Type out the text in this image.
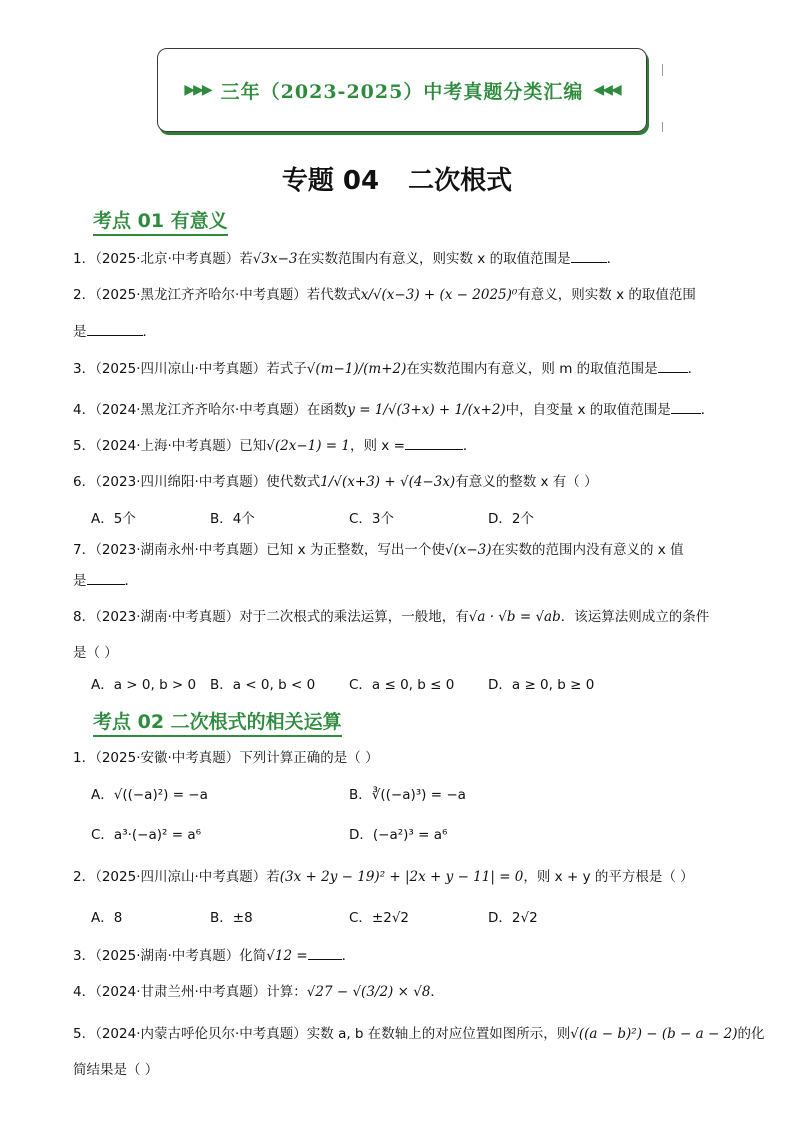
▶▶▶ 三年（2023-2025）中考真题分类汇编 ◀◀◀
专题 04 二次根式
考点 01 有意义
1．（2025·北京·中考真题）若√3x−3在实数范围内有意义，则实数 x 的取值范围是	．
2．（2025·黑龙江齐齐哈尔·中考真题）若代数式x/√(x−3) + (x − 2025)⁰有意义，则实数 x 的取值范围
是	．
3．（2025·四川凉山·中考真题）若式子√(m−1)/(m+2)在实数范围内有意义，则 m 的取值范围是 ．
4．（2024·黑龙江齐齐哈尔·中考真题）在函数y = 1/√(3+x) + 1/(x+2)中，自变量 x 的取值范围是 ．
5．（2024·上海·中考真题）已知√(2x−1) = 1，则 x =	．
6．（2023·四川绵阳·中考真题）使代数式1/√(x+3) + √(4−3x)有意义的整数 x 有（ ）
A．5个	B．4个	C．3个	D．2个
7．（2023·湖南永州·中考真题）已知 x 为正整数，写出一个使√(x−3)在实数的范围内没有意义的 x 值
是	．
8．（2023·湖南·中考真题）对于二次根式的乘法运算，一般地，有√a · √b = √ab．该运算法则成立的条件
是（ ）
A．a > 0, b > 0 B．a < 0, b < 0	C．a ≤ 0, b ≤ 0 D．a ≥ 0, b ≥ 0
考点 02 二次根式的相关运算
1．（2025·安徽·中考真题）下列计算正确的是（ ）
A．√((−a)²) = −a	B．∛((−a)³) = −a
C．a³·(−a)² = a⁶	D．(−a²)³ = a⁶
2．（2025·四川凉山·中考真题）若(3x + 2y − 19)² + |2x + y − 11| = 0，则 x + y 的平方根是（ ）
A．8	B．±8	C．±2√2	D．2√2
3．（2025·湖南·中考真题）化简√12 =	．
4．（2024·甘肃兰州·中考真题）计算：√27 − √(3/2) × √8．
5．（2024·内蒙古呼伦贝尔·中考真题）实数 a, b 在数轴上的对应位置如图所示，则√((a − b)²) − (b − a − 2)的化
简结果是（ ）
